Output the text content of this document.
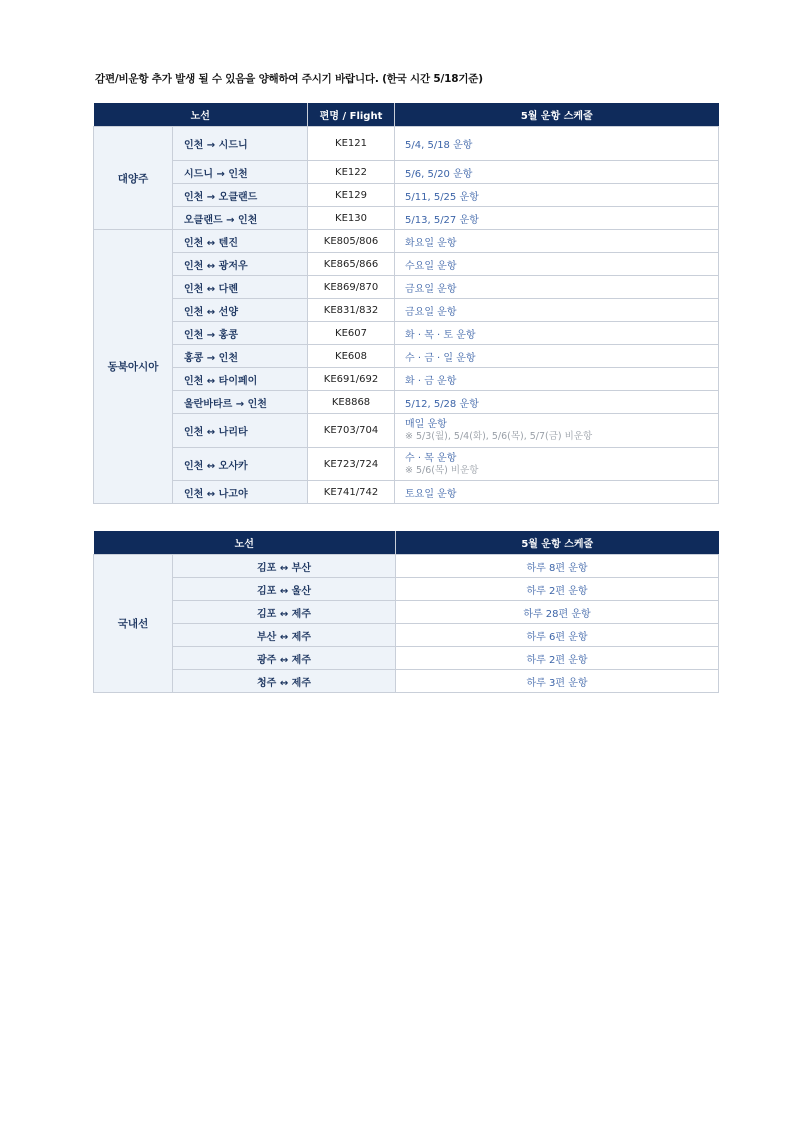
감편/비운항 추가 발생 될 수 있음을 양해하여 주시기 바랍니다. (한국 시간 5/18기준)
노선		편명 / Flight	5월 운항 스케줄
대양주	인천 → 시드니	KE121	5/4, 5/18 운항
	시드니 → 인천	KE122	5/6, 5/20 운항
	인천 → 오클랜드	KE129	5/11, 5/25 운항
	오클랜드 → 인천	KE130	5/13, 5/27 운항
동북아시아	인천 ↔ 텐진	KE805/806	화요일 운항
	인천 ↔ 광저우	KE865/866	수요일 운항
	인천 ↔ 다롄	KE869/870	금요일 운항
	인천 ↔ 선양	KE831/832	금요일 운항
	인천 → 홍콩	KE607	화 · 목 · 토 운항
	홍콩 → 인천	KE608	수 · 금 · 일 운항
	인천 ↔ 타이페이	KE691/692	화 · 금 운항
	울란바타르 → 인천	KE8868	5/12, 5/28 운항
	인천 ↔ 나리타	KE703/704	매일 운항
※ 5/3(월), 5/4(화), 5/6(목), 5/7(금) 비운항

	인천 ↔ 오사카	KE723/724	수 · 목 운항
※ 5/6(목) 비운항

	인천 ↔ 나고야	KE741/742	토요일 운항
노선		5월 운항 스케줄
국내선	김포 ↔ 부산	하루 8편 운항
	김포 ↔ 울산	하루 2편 운항
	김포 ↔ 제주	하루 28편 운항
	부산 ↔ 제주	하루 6편 운항
	광주 ↔ 제주	하루 2편 운항
	청주 ↔ 제주	하루 3편 운항
